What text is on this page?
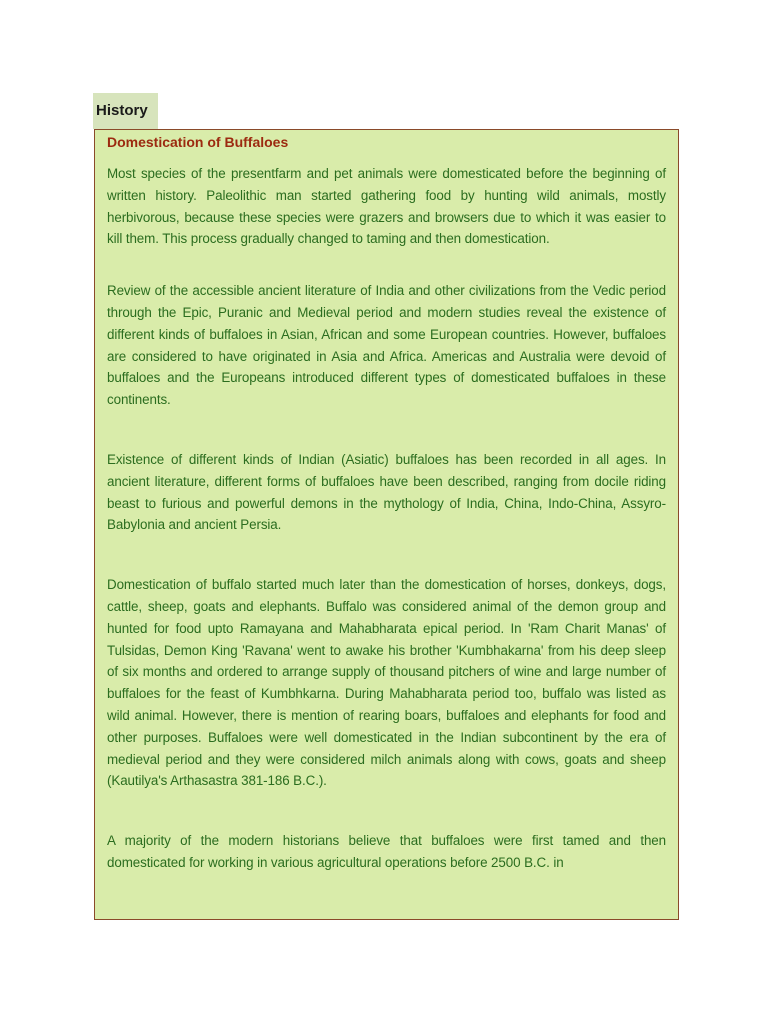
History
Domestication of Buffaloes

Most species of the presentfarm and pet animals were domesticated before the beginning of written history. Paleolithic man started gathering food by hunting wild animals, mostly herbivorous, because these species were grazers and browsers due to which it was easier to kill them. This process gradually changed to taming and then domestication.

Review of the accessible ancient literature of India and other civilizations from the Vedic period through the Epic, Puranic and Medieval period and modern studies reveal the existence of different kinds of buffaloes in Asian, African and some European countries. However, buffaloes are considered to have originated in Asia and Africa. Americas and Australia were devoid of buffaloes and the Europeans introduced different types of domesticated buffaloes in these continents.

Existence of different kinds of Indian (Asiatic) buffaloes has been recorded in all ages. In ancient literature, different forms of buffaloes have been described, ranging from docile riding beast to furious and powerful demons in the mythology of India, China, Indo-China, Assyro-Babylonia and ancient Persia.

Domestication of buffalo started much later than the domestication of horses, donkeys, dogs, cattle, sheep, goats and elephants. Buffalo was considered animal of the demon group and hunted for food upto Ramayana and Mahabharata epical period. In 'Ram Charit Manas' of Tulsidas, Demon King 'Ravana' went to awake his brother 'Kumbhakarna' from his deep sleep of six months and ordered to arrange supply of thousand pitchers of wine and large number of buffaloes for the feast of Kumbhkarna. During Mahabharata period too, buffalo was listed as wild animal. However, there is mention of rearing boars, buffaloes and elephants for food and other purposes. Buffaloes were well domesticated in the Indian subcontinent by the era of medieval period and they were considered milch animals along with cows, goats and sheep (Kautilya's Arthasastra 381-186 B.C.).

A majority of the modern historians believe that buffaloes were first tamed and then domesticated for working in various agricultural operations before 2500 B.C. in
